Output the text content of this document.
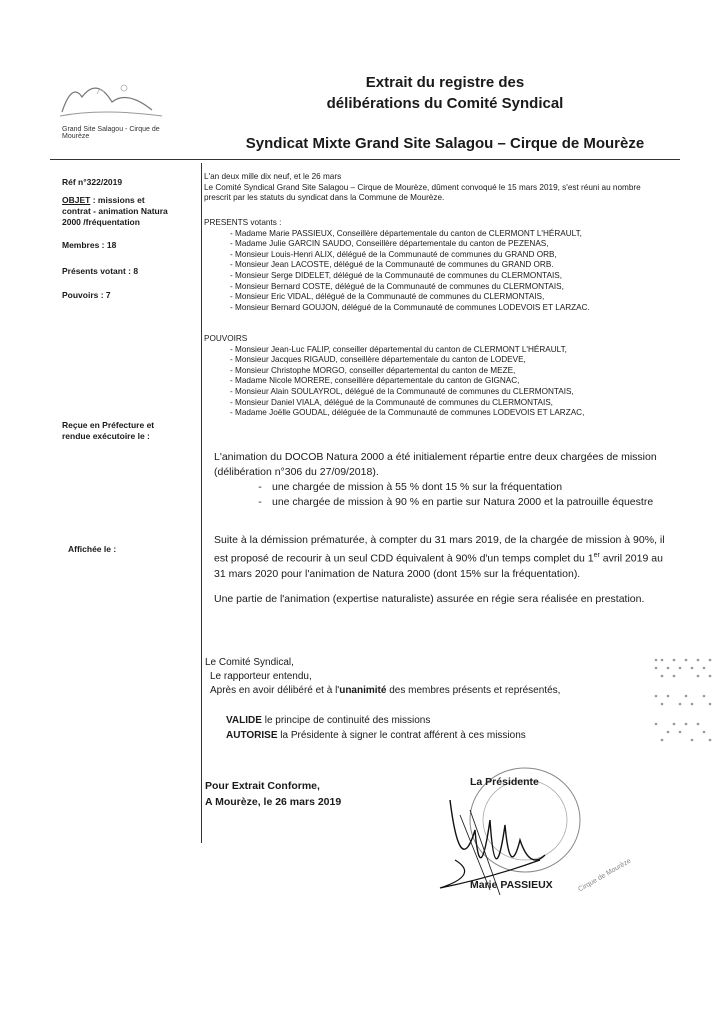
Grand Site Salagou - Cirque de Mourèze
Extrait du registre des
délibérations du Comité Syndical
Syndicat Mixte Grand Site Salagou – Cirque de Mourèze
Réf n°322/2019
OBJET : missions et
contrat - animation Natura
2000 /fréquentation
Membres : 18
Présents votant : 8
Pouvoirs : 7
Reçue en Préfecture et
rendue exécutoire le :
Affichée le :
L'an deux mille dix neuf, et le 26 mars
Le Comité Syndical Grand Site Salagou – Cirque de Mourèze, dûment convoqué le 15 mars 2019, s'est réuni au nombre
prescrit par les statuts du syndicat dans la Commune de Mourèze.
PRESENTS votants :
- Madame Marie PASSIEUX, Conseillère départementale du canton de CLERMONT L'HÉRAULT,
- Madame Julie GARCIN SAUDO, Conseillère départementale du canton de PEZENAS,
- Monsieur Louis-Henri ALIX, délégué de la Communauté de communes du GRAND ORB,
- Monsieur Jean LACOSTE, délégué de la Communauté de communes du GRAND ORB.
- Monsieur Serge DIDELET, délégué de la Communauté de communes du CLERMONTAIS,
- Monsieur Bernard COSTE, délégué de la Communauté de communes du CLERMONTAIS,
- Monsieur Eric VIDAL, délégué de la Communauté de communes du CLERMONTAIS,
- Monsieur Bernard GOUJON, délégué de la Communauté de communes LODEVOIS ET LARZAC.
POUVOIRS
- Monsieur Jean-Luc FALIP, conseiller départemental du canton de CLERMONT L'HÉRAULT,
- Monsieur Jacques RIGAUD, conseillère départementale du canton de LODEVE,
- Monsieur Christophe MORGO, conseiller départemental du canton de MEZE,
- Madame Nicole MORERE, conseillère départementale du canton de GIGNAC,
- Monsieur Alain SOULAYROL, délégué de la Communauté de communes du CLERMONTAIS,
- Monsieur Daniel VIALA, délégué de la Communauté de communes du CLERMONTAIS,
- Madame Joëlle GOUDAL, déléguée de la Communauté de communes LODEVOIS ET LARZAC,
L'animation du DOCOB Natura 2000 a été initialement répartie entre deux chargées de mission
(délibération n°306 du 27/09/2018).
- une chargée de mission à 55 % dont 15 % sur la fréquentation
- une chargée de mission à 90 % en partie sur Natura 2000 et la patrouille équestre
Suite à la démission prématurée, à compter du 31 mars 2019, de la chargée de mission à 90%, il
est proposé de recourir à un seul CDD équivalent à 90% d'un temps complet du 1er avril 2019 au
31 mars 2020 pour l'animation de Natura 2000 (dont 15% sur la fréquentation).
Une partie de l'animation (expertise naturaliste) assurée en régie sera réalisée en prestation.
Le Comité Syndical,
Le rapporteur entendu,
Après en avoir délibéré et à l'unanimité des membres présents et représentés,
VALIDE le principe de continuité des missions
AUTORISE la Présidente à signer le contrat afférent à ces missions
Pour Extrait Conforme,
A Mourèze, le 26 mars 2019
La Présidente
Cirque de Mourèze
Marie PASSIEUX
